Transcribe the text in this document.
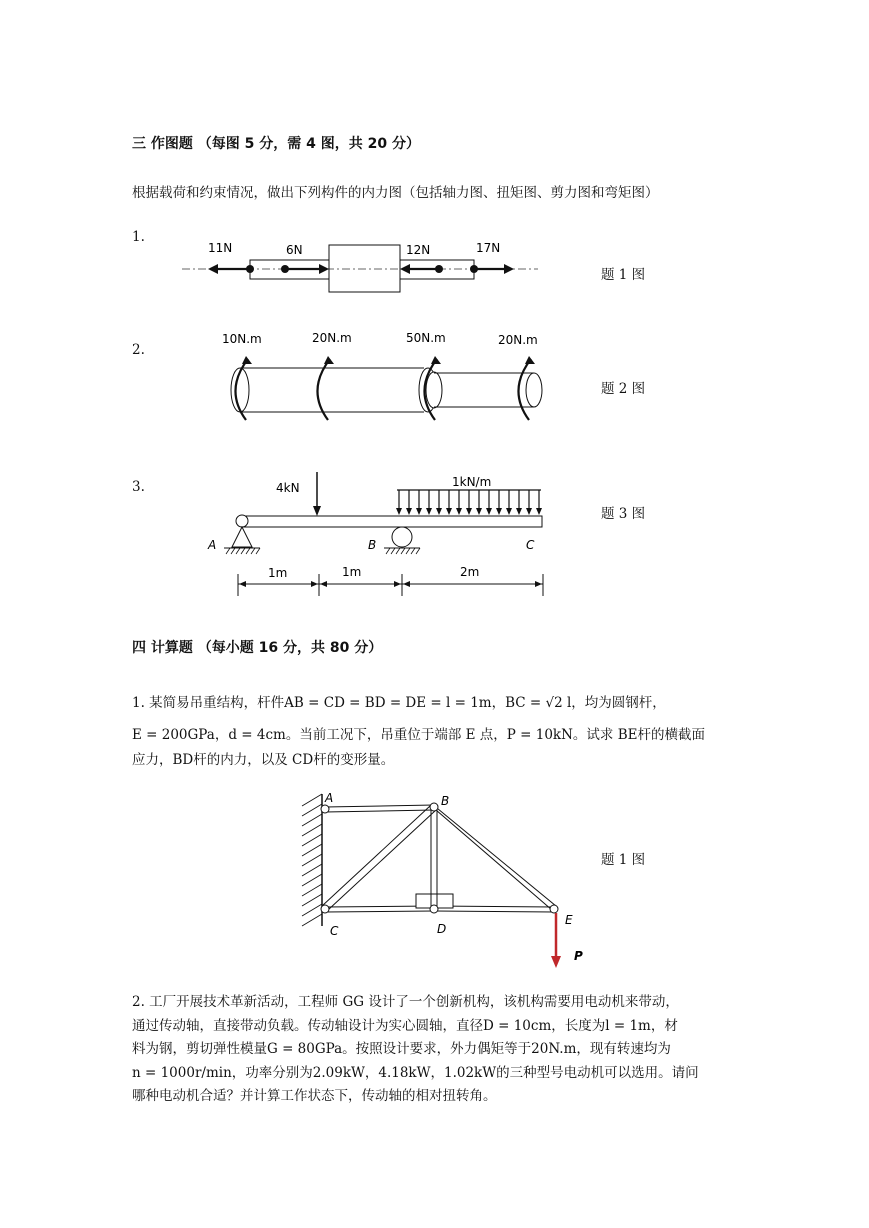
三 作图题 （每图 5 分，需 4 图，共 20 分）
根据载荷和约束情况，做出下列构件的内力图（包括轴力图、扭矩图、剪力图和弯矩图）
1.
题 1 图
2.
题 2 图
3.
题 3 图
11N	6N	12N	17N
10N.m	20N.m	50N.m	20N.m
4kN	1kN/m
A	B	C
1m	1m	2m
四 计算题 （每小题 16 分，共 80 分）
1. 某简易吊重结构，杆件AB = CD = BD = DE = l = 1m，BC = √2 l，均为圆钢杆，
E = 200GPa，d = 4cm。当前工况下，吊重位于端部 E 点，P = 10kN。试求 BE杆的横截面
应力，BD杆的内力，以及 CD杆的变形量。
A	B
C	D
E
P
题 1 图
2. 工厂开展技术革新活动，工程师 GG 设计了一个创新机构，该机构需要用电动机来带动，
通过传动轴，直接带动负载。传动轴设计为实心圆轴，直径D = 10cm，长度为l = 1m，材
料为钢，剪切弹性模量G = 80GPa。按照设计要求，外力偶矩等于20N.m，现有转速均为
n = 1000r/min，功率分别为2.09kW，4.18kW，1.02kW的三种型号电动机可以选用。请问
哪种电动机合适？并计算工作状态下，传动轴的相对扭转角。
